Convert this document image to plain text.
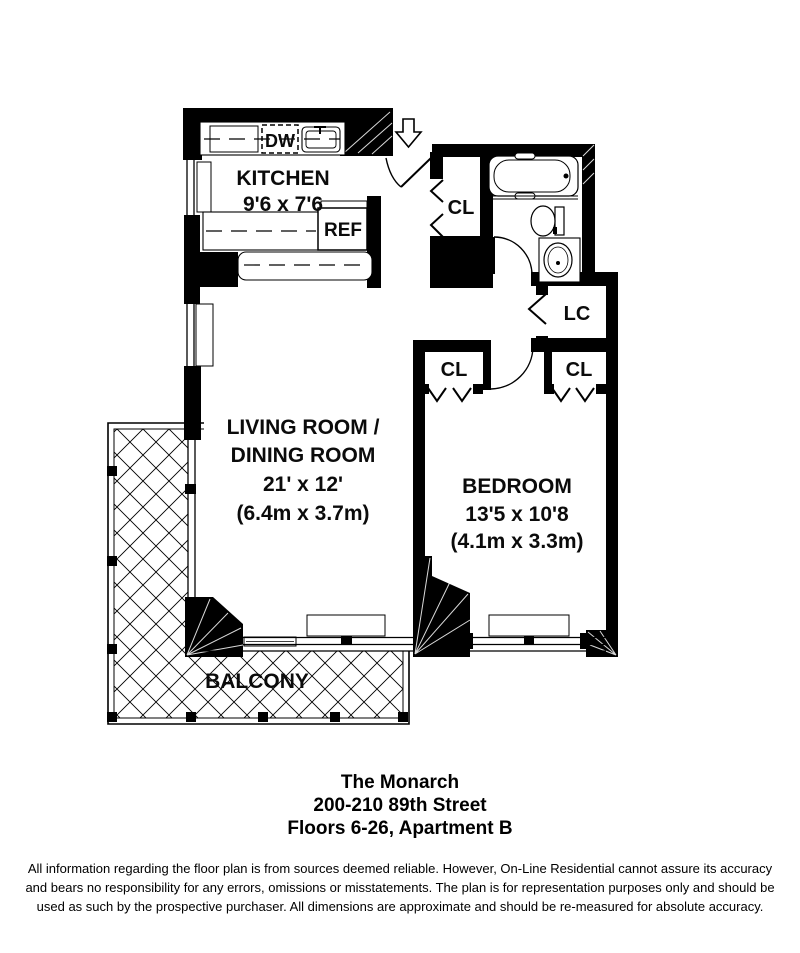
KITCHEN
9'6 x 7'6
LIVING ROOM /
DINING ROOM
21' x 12'
(6.4m x 3.7m)
BEDROOM
13'5 x 10'8
(4.1m x 3.3m)
BALCONY
CL
CL	CL
LC
DW
REF
The Monarch
200-210 89th Street
Floors 6-26, Apartment B
All information regarding the floor plan is from sources deemed reliable. However, On-Line Residential cannot assure its accuracy
and bears no responsibility for any errors, omissions or misstatements. The plan is for representation purposes only and should be
used as such by the prospective purchaser. All dimensions are approximate and should be re-measured for absolute accuracy.
